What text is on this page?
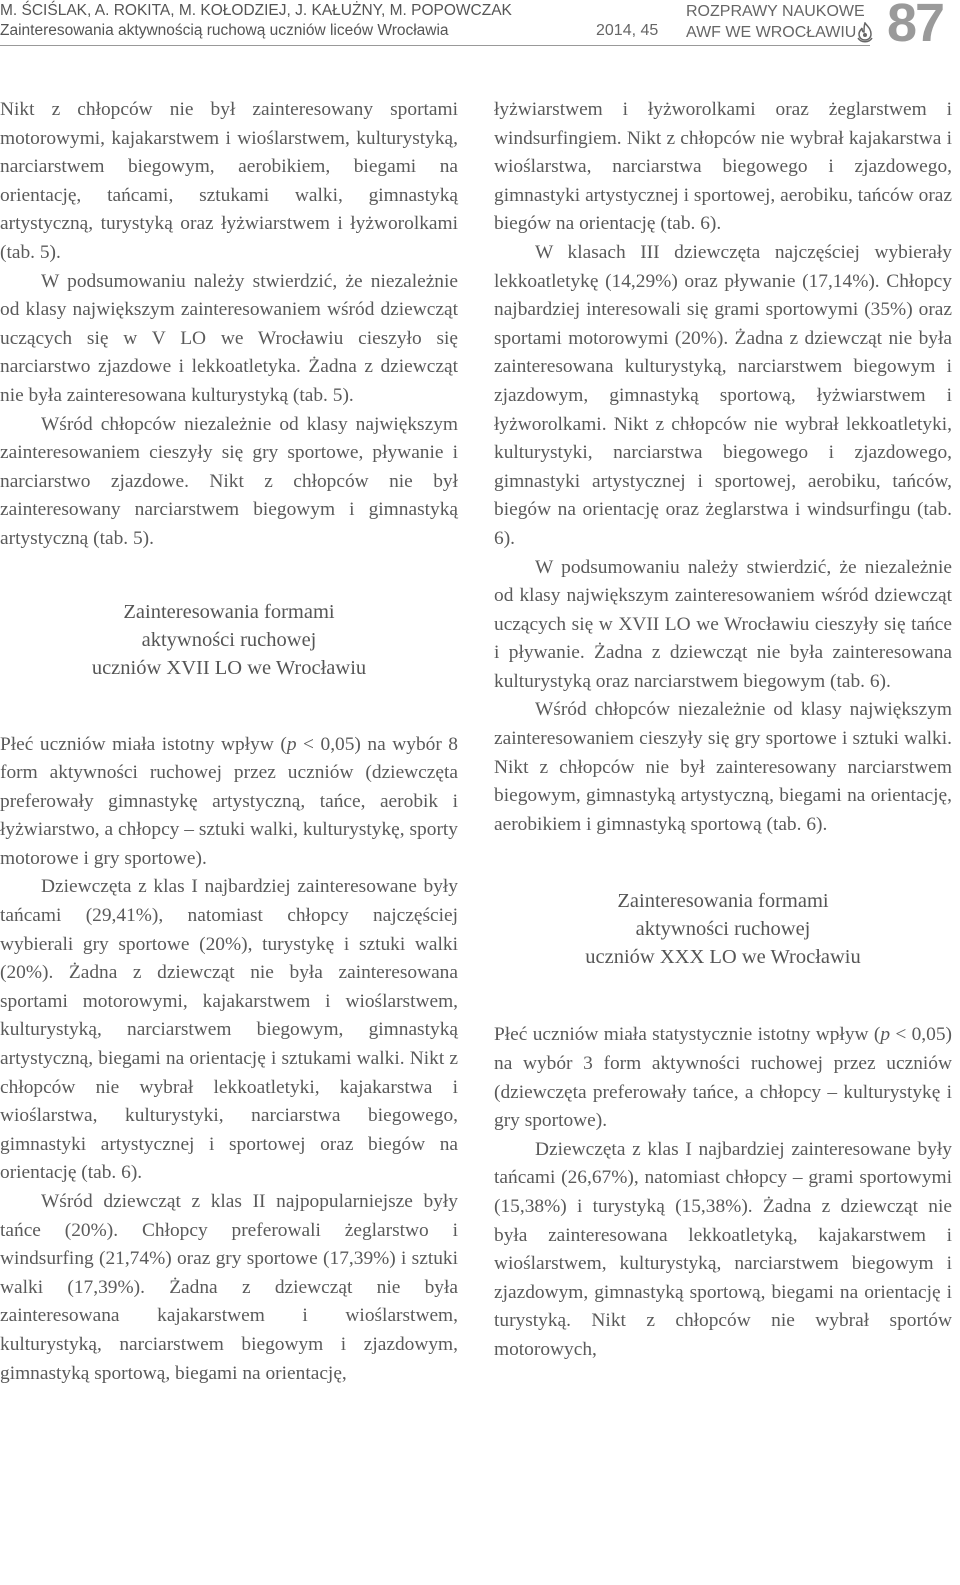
M. ŚCIŚLAK, A. ROKITA, M. KOŁODZIEJ, J. KAŁUŻNY, M. POPOWCZAK
Zainteresowania aktywnością ruchową uczniów liceów Wrocławia	2014, 45
ROZPRAWY NAUKOWE
AWF WE WROCŁAWIU 87

Nikt z chłopców nie był zainteresowany sportami motorowymi, kajakarstwem i wioślarstwem, kulturystyką, narciarstwem biegowym, aerobikiem, biegami na orientację, tańcami, sztukami walki, gimnastyką artystyczną, turystyką oraz łyżwiarstwem i łyżworolkami (tab. 5).

W podsumowaniu należy stwierdzić, że niezależnie od klasy największym zainteresowaniem wśród dziewcząt uczących się w V LO we Wrocławiu cieszyło się narciarstwo zjazdowe i lekkoatletyka. Żadna z dziewcząt nie była zainteresowana kulturystyką (tab. 5).

Wśród chłopców niezależnie od klasy największym zainteresowaniem cieszyły się gry sportowe, pływanie i narciarstwo zjazdowe. Nikt z chłopców nie był zainteresowany narciarstwem biegowym i gimnastyką artystyczną (tab. 5).

Zainteresowania formami
aktywności ruchowej
uczniów XVII LO we Wrocławiu

Płeć uczniów miała istotny wpływ (p < 0,05) na wybór 8 form aktywności ruchowej przez uczniów (dziewczęta preferowały gimnastykę artystyczną, tańce, aerobik i łyżwiarstwo, a chłopcy – sztuki walki, kulturystykę, sporty motorowe i gry sportowe).

Dziewczęta z klas I najbardziej zainteresowane były tańcami (29,41%), natomiast chłopcy najczęściej wybierali gry sportowe (20%), turystykę i sztuki walki (20%). Żadna z dziewcząt nie była zainteresowana sportami motorowymi, kajakarstwem i wioślarstwem, kulturystyką, narciarstwem biegowym, gimnastyką artystyczną, biegami na orientację i sztukami walki. Nikt z chłopców nie wybrał lekkoatletyki, kajakarstwa i wioślarstwa, kulturystyki, narciarstwa biegowego, gimnastyki artystycznej i sportowej oraz biegów na orientację (tab. 6).

Wśród dziewcząt z klas II najpopularniejsze były tańce (20%). Chłopcy preferowali żeglarstwo i windsurfing (21,74%) oraz gry sportowe (17,39%) i sztuki walki (17,39%). Żadna z dziewcząt nie była zainteresowana kajakarstwem i wioślarstwem, kulturystyką, narciarstwem biegowym i zjazdowym, gimnastyką sportową, biegami na orientację,

łyżwiarstwem i łyżworolkami oraz żeglarstwem i windsurfingiem. Nikt z chłopców nie wybrał kajakarstwa i wioślarstwa, narciarstwa biegowego i zjazdowego, gimnastyki artystycznej i sportowej, aerobiku, tańców oraz biegów na orientację (tab. 6).

W klasach III dziewczęta najczęściej wybierały lekkoatletykę (14,29%) oraz pływanie (17,14%). Chłopcy najbardziej interesowali się grami sportowymi (35%) oraz sportami motorowymi (20%). Żadna z dziewcząt nie była zainteresowana kulturystyką, narciarstwem biegowym i zjazdowym, gimnastyką sportową, łyżwiarstwem i łyżworolkami. Nikt z chłopców nie wybrał lekkoatletyki, kulturystyki, narciarstwa biegowego i zjazdowego, gimnastyki artystycznej i sportowej, aerobiku, tańców, biegów na orientację oraz żeglarstwa i windsurfingu (tab. 6).

W podsumowaniu należy stwierdzić, że niezależnie od klasy największym zainteresowaniem wśród dziewcząt uczących się w XVII LO we Wrocławiu cieszyły się tańce i pływanie. Żadna z dziewcząt nie była zainteresowana kulturystyką oraz narciarstwem biegowym (tab. 6).

Wśród chłopców niezależnie od klasy największym zainteresowaniem cieszyły się gry sportowe i sztuki walki. Nikt z chłopców nie był zainteresowany narciarstwem biegowym, gimnastyką artystyczną, biegami na orientację, aerobikiem i gimnastyką sportową (tab. 6).

Zainteresowania formami
aktywności ruchowej
uczniów XXX LO we Wrocławiu

Płeć uczniów miała statystycznie istotny wpływ (p < 0,05) na wybór 3 form aktywności ruchowej przez uczniów (dziewczęta preferowały tańce, a chłopcy – kulturystykę i gry sportowe).

Dziewczęta z klas I najbardziej zainteresowane były tańcami (26,67%), natomiast chłopcy – grami sportowymi (15,38%) i turystyką (15,38%). Żadna z dziewcząt nie była zainteresowana lekkoatletyką, kajakarstwem i wioślarstwem, kulturystyką, narciarstwem biegowym i zjazdowym, gimnastyką sportową, biegami na orientację i turystyką. Nikt z chłopców nie wybrał sportów motorowych,
